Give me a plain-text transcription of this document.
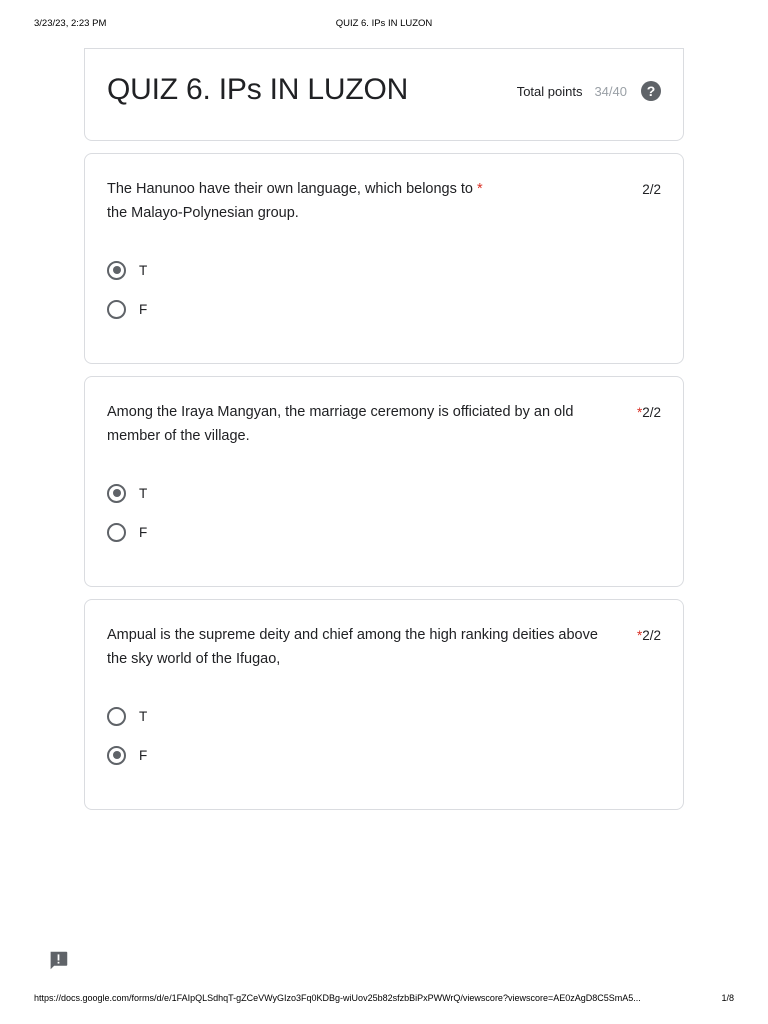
3/23/23, 2:23 PM	QUIZ 6. IPs IN LUZON
QUIZ 6. IPs IN LUZON	Total points 34/40	?
The Hanunoo have their own language, which belongs to *
the Malayo-Polynesian group.
2/2
T
F
Among the Iraya Mangyan, the marriage ceremony is officiated by an old
member of the village.
*2/2
T
F
Ampual is the supreme deity and chief among the high ranking deities above
the sky world of the Ifugao,
*2/2
T
F
https://docs.google.com/forms/d/e/1FAIpQLSdhqT-gZCeVWyGIzo3Fq0KDBg-wiUov25b82sfzbBiPxPWWrQ/viewscore?viewscore=AE0zAgD8C5SmA5...	1/8
